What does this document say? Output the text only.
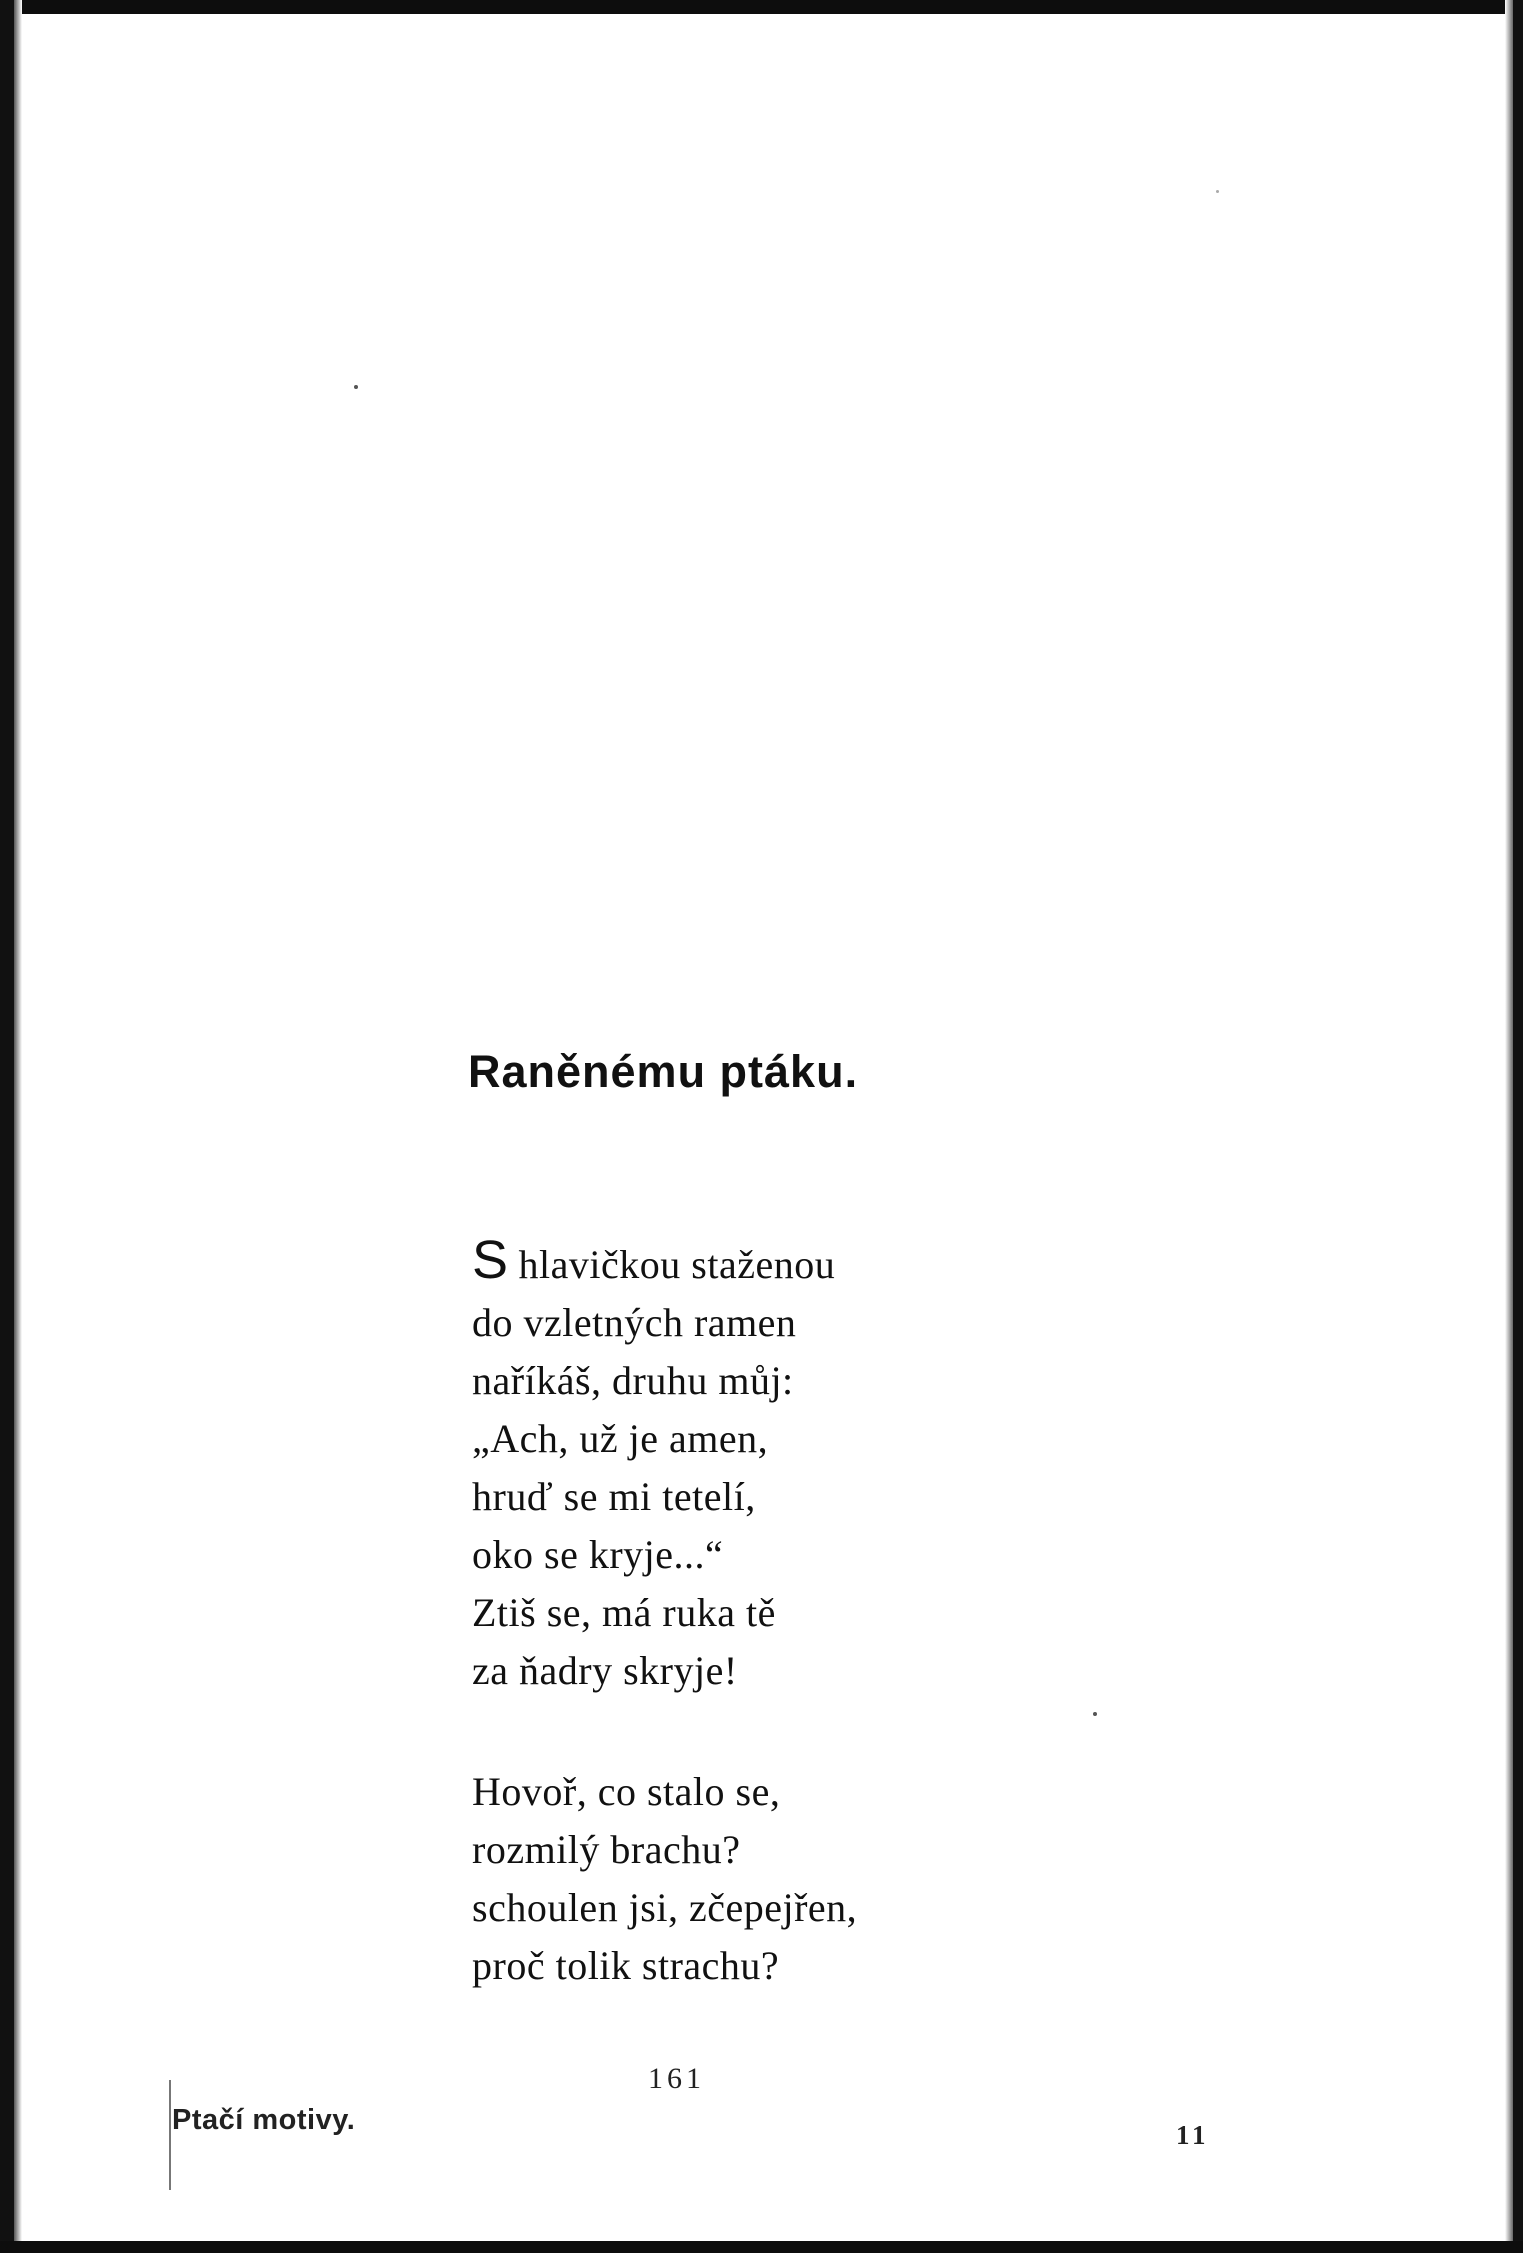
Raněnému ptáku.
S hlavičkou staženou
do vzletných ramen
naříkáš, druhu můj:
„Ach, už je amen,
hruď se mi tetelí,
oko se kryje...“
Ztiš se, má ruka tě
za ňadry skryje!
Hovoř, co stalo se,
rozmilý brachu?
schoulen jsi, zčepejřen,
proč tolik strachu?
161
Ptačí motivy.	11
